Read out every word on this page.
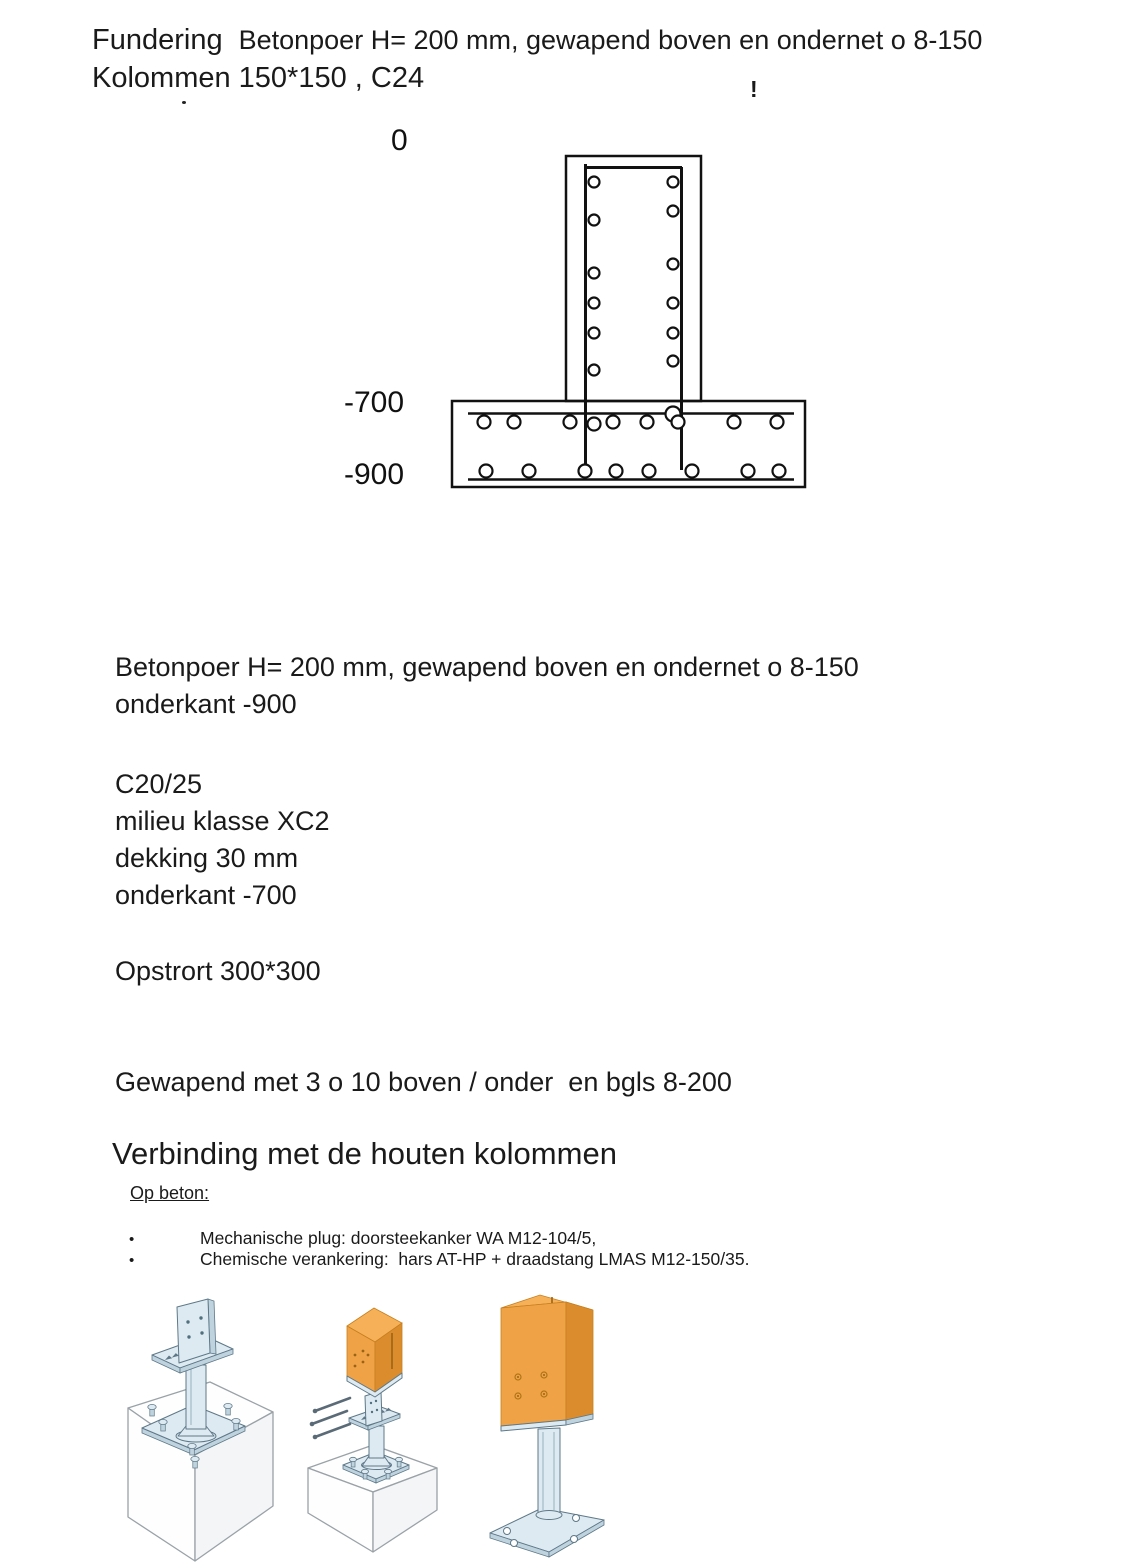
Fundering Betonpoer H= 200 mm, gewapend boven en ondernet o 8-150
Kolommen 150*150 , C24	!
0
-700
-900
Betonpoer H= 200 mm, gewapend boven en ondernet o 8-150
onderkant -900
C20/25
milieu klasse XC2
dekking 30 mm
onderkant -700
Opstrort 300*300
Gewapend met 3 o 10 boven / onder  en bgls 8-200
Verbinding met de houten kolommen
Op beton:
•	Mechanische plug: doorsteekanker WA M12-104/5,
•	Chemische verankering:  hars AT-HP + draadstang LMAS M12-150/35.
